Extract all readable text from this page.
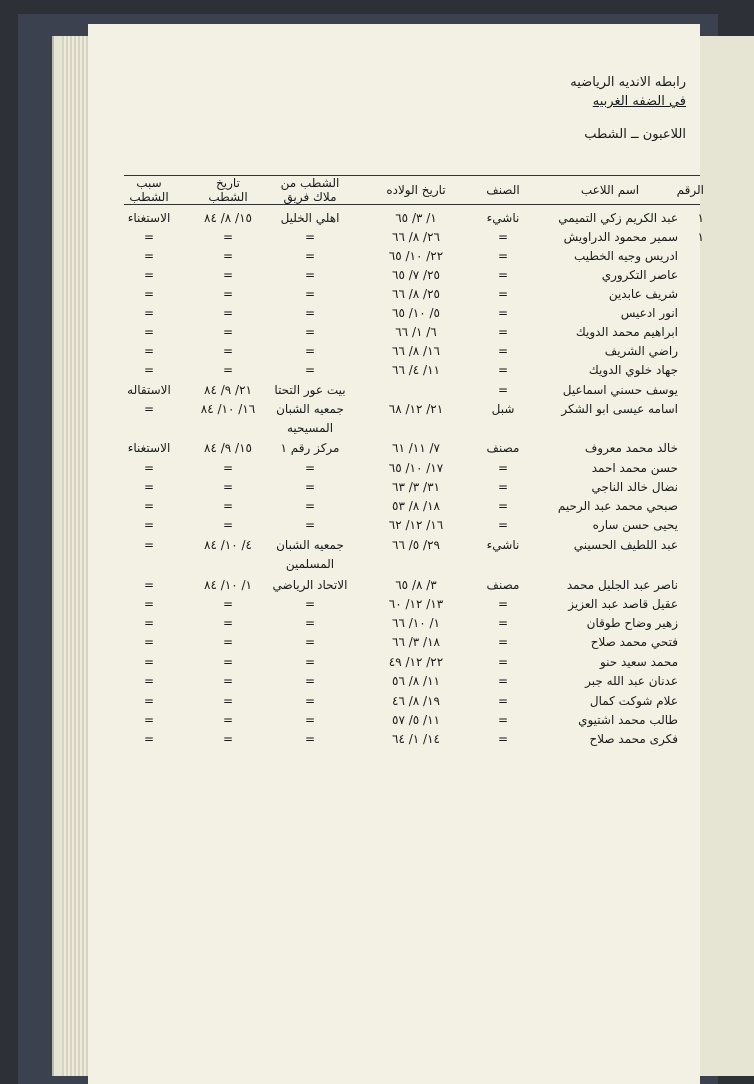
رابطه الانديه الرياضيه
في الضفه الغربيه
اللاعبون ــ الشطب
الرقم
اسم اللاعب
الصنف
تاريخ الولاده
الشطب من
ملاك فريق
تاريخ
الشطب
سبب
الشطب
١
عبد الكريم زكي التميمي
ناشيء
١/ ٣/ ٦٥
اهلي الخليل
١٥/ ٨/ ٨٤
الاستغناء
١
سمير محمود الدراويش
=
٢٦/ ٨/ ٦٦
=
=
=
ادريس وجيه الخطيب
=
٢٢/ ١٠/ ٦٥
=
=
=
عاصر التكروري
=
٢٥/ ٧/ ٦٥
=
=
=
شريف عابدين
=
٢٥/ ٨/ ٦٦
=
=
=
انور ادعيس
=
٥/ ١٠/ ٦٥
=
=
=
ابراهيم محمد الدويك
=
٦/ ١/ ٦٦
=
=
=
راضي الشريف
=
١٦/ ٨/ ٦٦
=
=
=
جهاد خلوي الدويك
=
١١/ ٤/ ٦٦
=
=
=
يوسف حسني اسماعيل
=
بيت عور التحتا
٢١/ ٩/ ٨٤
الاستقاله
اسامه عيسى ابو الشكر
شبل
٢١/ ١٢/ ٦٨
جمعيه الشبان
١٦/ ١٠/ ٨٤
=
المسيحيه
خالد محمد معروف
مصنف
٧/ ١١/ ٦١
مركز رقم ١
١٥/ ٩/ ٨٤
الاستغناء
حسن محمد احمد
=
١٧/ ١٠/ ٦٥
=
=
=
نضال خالد الناجي
=
٣١/ ٣/ ٦٣
=
=
=
صبحي محمد عبد الرحيم
=
١٨/ ٨/ ٥٣
=
=
=
يحيى حسن ساره
=
١٦/ ١٢/ ٦٢
=
=
=
عبد اللطيف الحسيني
ناشيء
٢٩/ ٥/ ٦٦
جمعيه الشبان
٤/ ١٠/ ٨٤
=
المسلمين
ناصر عبد الجليل محمد
مصنف
٣/ ٨/ ٦٥
الاتحاد الرياضي
١/ ١٠/ ٨٤
=
عقيل قاصد عبد العزيز
=
١٣/ ١٢/ ٦٠
=
=
=
زهير وضاح طوقان
=
١/ ١٠/ ٦٦
=
=
=
فتحي محمد صلاح
=
١٨/ ٣/ ٦٦
=
=
=
محمد سعيد حنو
=
٢٢/ ١٢/ ٤٩
=
=
=
عدنان عبد الله جبر
=
١١/ ٨/ ٥٦
=
=
=
علام شوكت كمال
=
١٩/ ٨/ ٤٦
=
=
=
طالب محمد اشتيوي
=
١١/ ٥/ ٥٧
=
=
=
فكرى محمد صلاح
=
١٤/ ١/ ٦٤
=
=
=
